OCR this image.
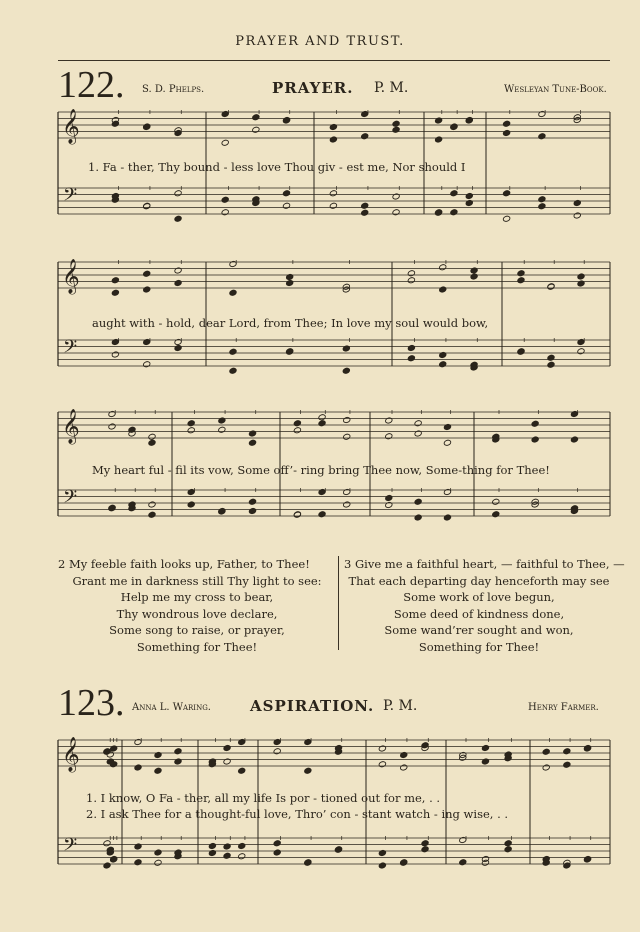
PRAYER AND TRUST.
122. S. D. Phelps.	PRAYER. P. M.	Wesleyan Tune-Book.
𝄞
𝄢
𝄞
𝄢
𝄞
𝄢
𝄞
𝄢
1. Fa - ther, Thy bound - less love Thou giv - est me, Nor should I
aught with - hold, dear Lord, from Thee; In love my soul would bow,
My heart ful - fil its vow, Some off’- ring bring Thee now, Some-thing for Thee!
2 My feeble faith looks up, Father, to Thee!
Grant me in darkness still Thy light to see:
Help me my cross to bear,
Thy wondrous love declare,
Some song to raise, or prayer,
Something for Thee!
3 Give me a faithful heart, — faithful to Thee, —
That each departing day henceforth may see
Some work of love begun,
Some deed of kindness done,
Some wand’rer sought and won,
Something for Thee!
123. Anna L. Waring.	ASPIRATION. P. M.	Henry Farmer.
1. I know, O Fa - ther, all my life Is por - tioned out for me, . .
2. I ask Thee for a thought-ful love, Thro’ con - stant watch - ing wise, . .
